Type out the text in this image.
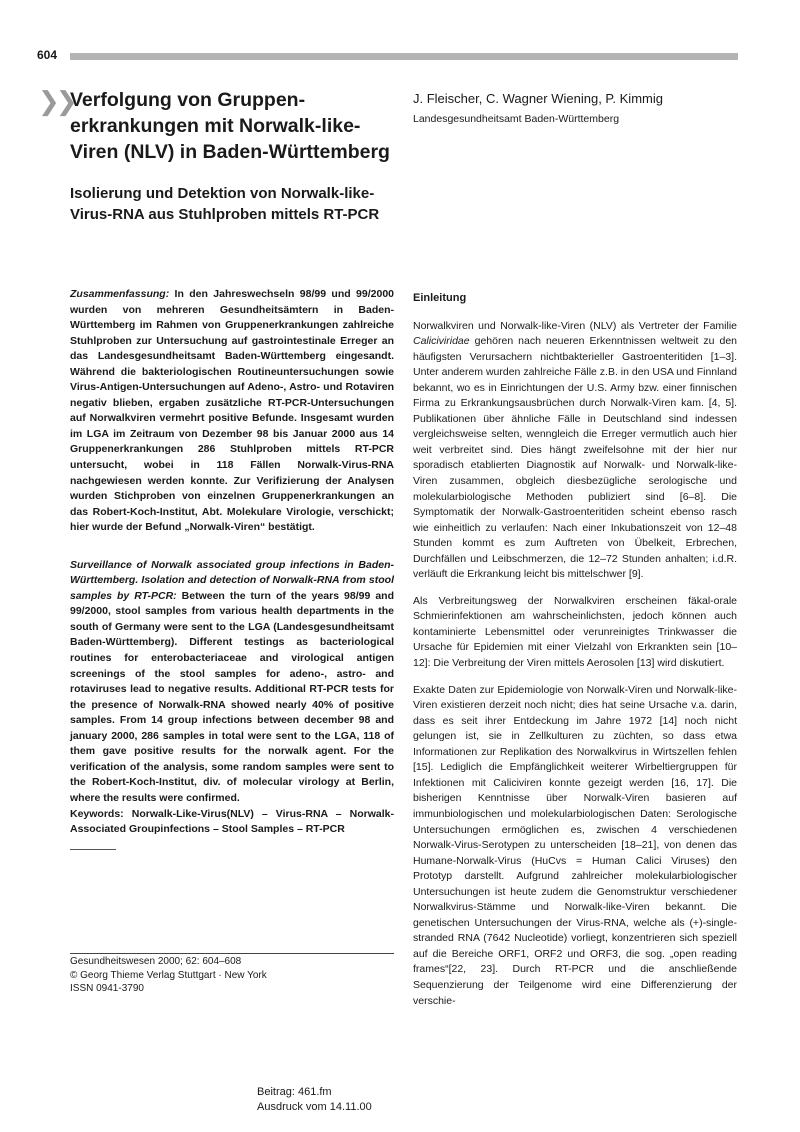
604
❯❯
Verfolgung von Gruppenerkrankungen mit Norwalk-like-Viren (NLV) in Baden-Württemberg
Isolierung und Detektion von Norwalk-like-Virus-RNA aus Stuhlproben mittels RT-PCR
J. Fleischer, C. Wagner Wiening, P. Kimmig
Landesgesundheitsamt Baden-Württemberg

Zusammenfassung: In den Jahreswechseln 98/99 und 99/2000 wurden von mehreren Gesundheitsämtern in Baden-Württemberg im Rahmen von Gruppenerkrankungen zahlreiche Stuhlproben zur Untersuchung auf gastrointestinale Erreger an das Landesgesundheitsamt Baden-Württemberg eingesandt. Während die bakteriologischen Routineuntersuchungen sowie Virus-Antigen-Untersuchungen auf Adeno-, Astro- und Rotaviren negativ blieben, ergaben zusätzliche RT-PCR-Untersuchungen auf Norwalkviren vermehrt positive Befunde. Insgesamt wurden im LGA im Zeitraum von Dezember 98 bis Januar 2000 aus 14 Gruppenerkrankungen 286 Stuhlproben mittels RT-PCR untersucht, wobei in 118 Fällen Norwalk-Virus-RNA nachgewiesen werden konnte. Zur Verifizierung der Analysen wurden Stichproben von einzelnen Gruppenerkrankungen an das Robert-Koch-Institut, Abt. Molekulare Virologie, verschickt; hier wurde der Befund „Norwalk-Viren“ bestätigt.

Surveillance of Norwalk associated group infections in Baden-Württemberg. Isolation and detection of Norwalk-RNA from stool samples by RT-PCR: Between the turn of the years 98/99 and 99/2000, stool samples from various health departments in the south of Germany were sent to the LGA (Landesgesundheitsamt Baden-Württemberg). Different testings as bacteriological routines for enterobacteriaceae and virological antigen screenings of the stool samples for adeno-, astro- and rotaviruses lead to negative results. Additional RT-PCR tests for the presence of Norwalk-RNA showed nearly 40% of positive samples. From 14 group infections between december 98 and january 2000, 286 samples in total were sent to the LGA, 118 of them gave positive results for the norwalk agent. For the verification of the analysis, some random samples were sent to the Robert-Koch-Institut, div. of molecular virology at Berlin, where the results were confirmed.

Keywords: Norwalk-Like-Virus(NLV) – Virus-RNA – Norwalk-Associated Groupinfections – Stool Samples – RT-PCR

Gesundheitswesen 2000; 62: 604–608
© Georg Thieme Verlag Stuttgart · New York
ISSN 0941-3790
Einleitung

Norwalkviren und Norwalk-like-Viren (NLV) als Vertreter der Familie Caliciviridae gehören nach neueren Erkenntnissen weltweit zu den häufigsten Verursachern nichtbakterieller Gastroenteritiden [1–3]. Unter anderem wurden zahlreiche Fälle z.B. in den USA und Finnland bekannt, wo es in Einrichtungen der U.S. Army bzw. einer finnischen Firma zu Erkrankungsausbrüchen durch Norwalk-Viren kam. [4, 5]. Publikationen über ähnliche Fälle in Deutschland sind indessen vergleichsweise selten, wenngleich die Erreger vermutlich auch hier weit verbreitet sind. Dies hängt zweifelsohne mit der hier nur sporadisch etablierten Diagnostik auf Norwalk- und Norwalk-like-Viren zusammen, obgleich diesbezügliche serologische und molekularbiologische Methoden publiziert sind [6–8]. Die Symptomatik der Norwalk-Gastroenteritiden scheint ebenso rasch wie einheitlich zu verlaufen: Nach einer Inkubationszeit von 12–48 Stunden kommt es zum Auftreten von Übelkeit, Erbrechen, Durchfällen und Leibschmerzen, die 12–72 Stunden anhalten; i.d.R. verläuft die Erkrankung leicht bis mittelschwer [9].

Als Verbreitungsweg der Norwalkviren erscheinen fäkal-orale Schmierinfektionen am wahrscheinlichsten, jedoch können auch kontaminierte Lebensmittel oder verunreinigtes Trinkwasser die Ursache für Epidemien mit einer Vielzahl von Erkrankten sein [10–12]: Die Verbreitung der Viren mittels Aerosolen [13] wird diskutiert.

Exakte Daten zur Epidemiologie von Norwalk-Viren und Norwalk-like-Viren existieren derzeit noch nicht; dies hat seine Ursache v.a. darin, dass es seit ihrer Entdeckung im Jahre 1972 [14] noch nicht gelungen ist, sie in Zellkulturen zu züchten, so dass etwa Informationen zur Replikation des Norwalkvirus in Wirtszellen fehlen [15]. Lediglich die Empfänglichkeit weiterer Wirbeltiergruppen für Infektionen mit Caliciviren konnte gezeigt werden [16, 17]. Die bisherigen Kenntnisse über Norwalk-Viren basieren auf immunbiologischen und molekularbiologischen Daten: Serologische Untersuchungen ermöglichen es, zwischen 4 verschiedenen Norwalk-Virus-Serotypen zu unterscheiden [18–21], von denen das Humane-Norwalk-Virus (HuCvs = Human Calici Viruses) den Prototyp darstellt. Aufgrund zahlreicher molekularbiologischer Untersuchungen ist heute zudem die Genomstruktur verschiedener Norwalkvirus-Stämme und Norwalk-like-Viren bekannt. Die genetischen Untersuchungen der Virus-RNA, welche als (+)-single-stranded RNA (7642 Nucleotide) vorliegt, konzentrieren sich speziell auf die Bereiche ORF1, ORF2 und ORF3, die sog. „open reading frames“[22, 23]. Durch RT-PCR und die anschließende Sequenzierung der Teilgenome wird eine Differenzierung der verschie-

Beitrag: 461.fm
Ausdruck vom 14.11.00
